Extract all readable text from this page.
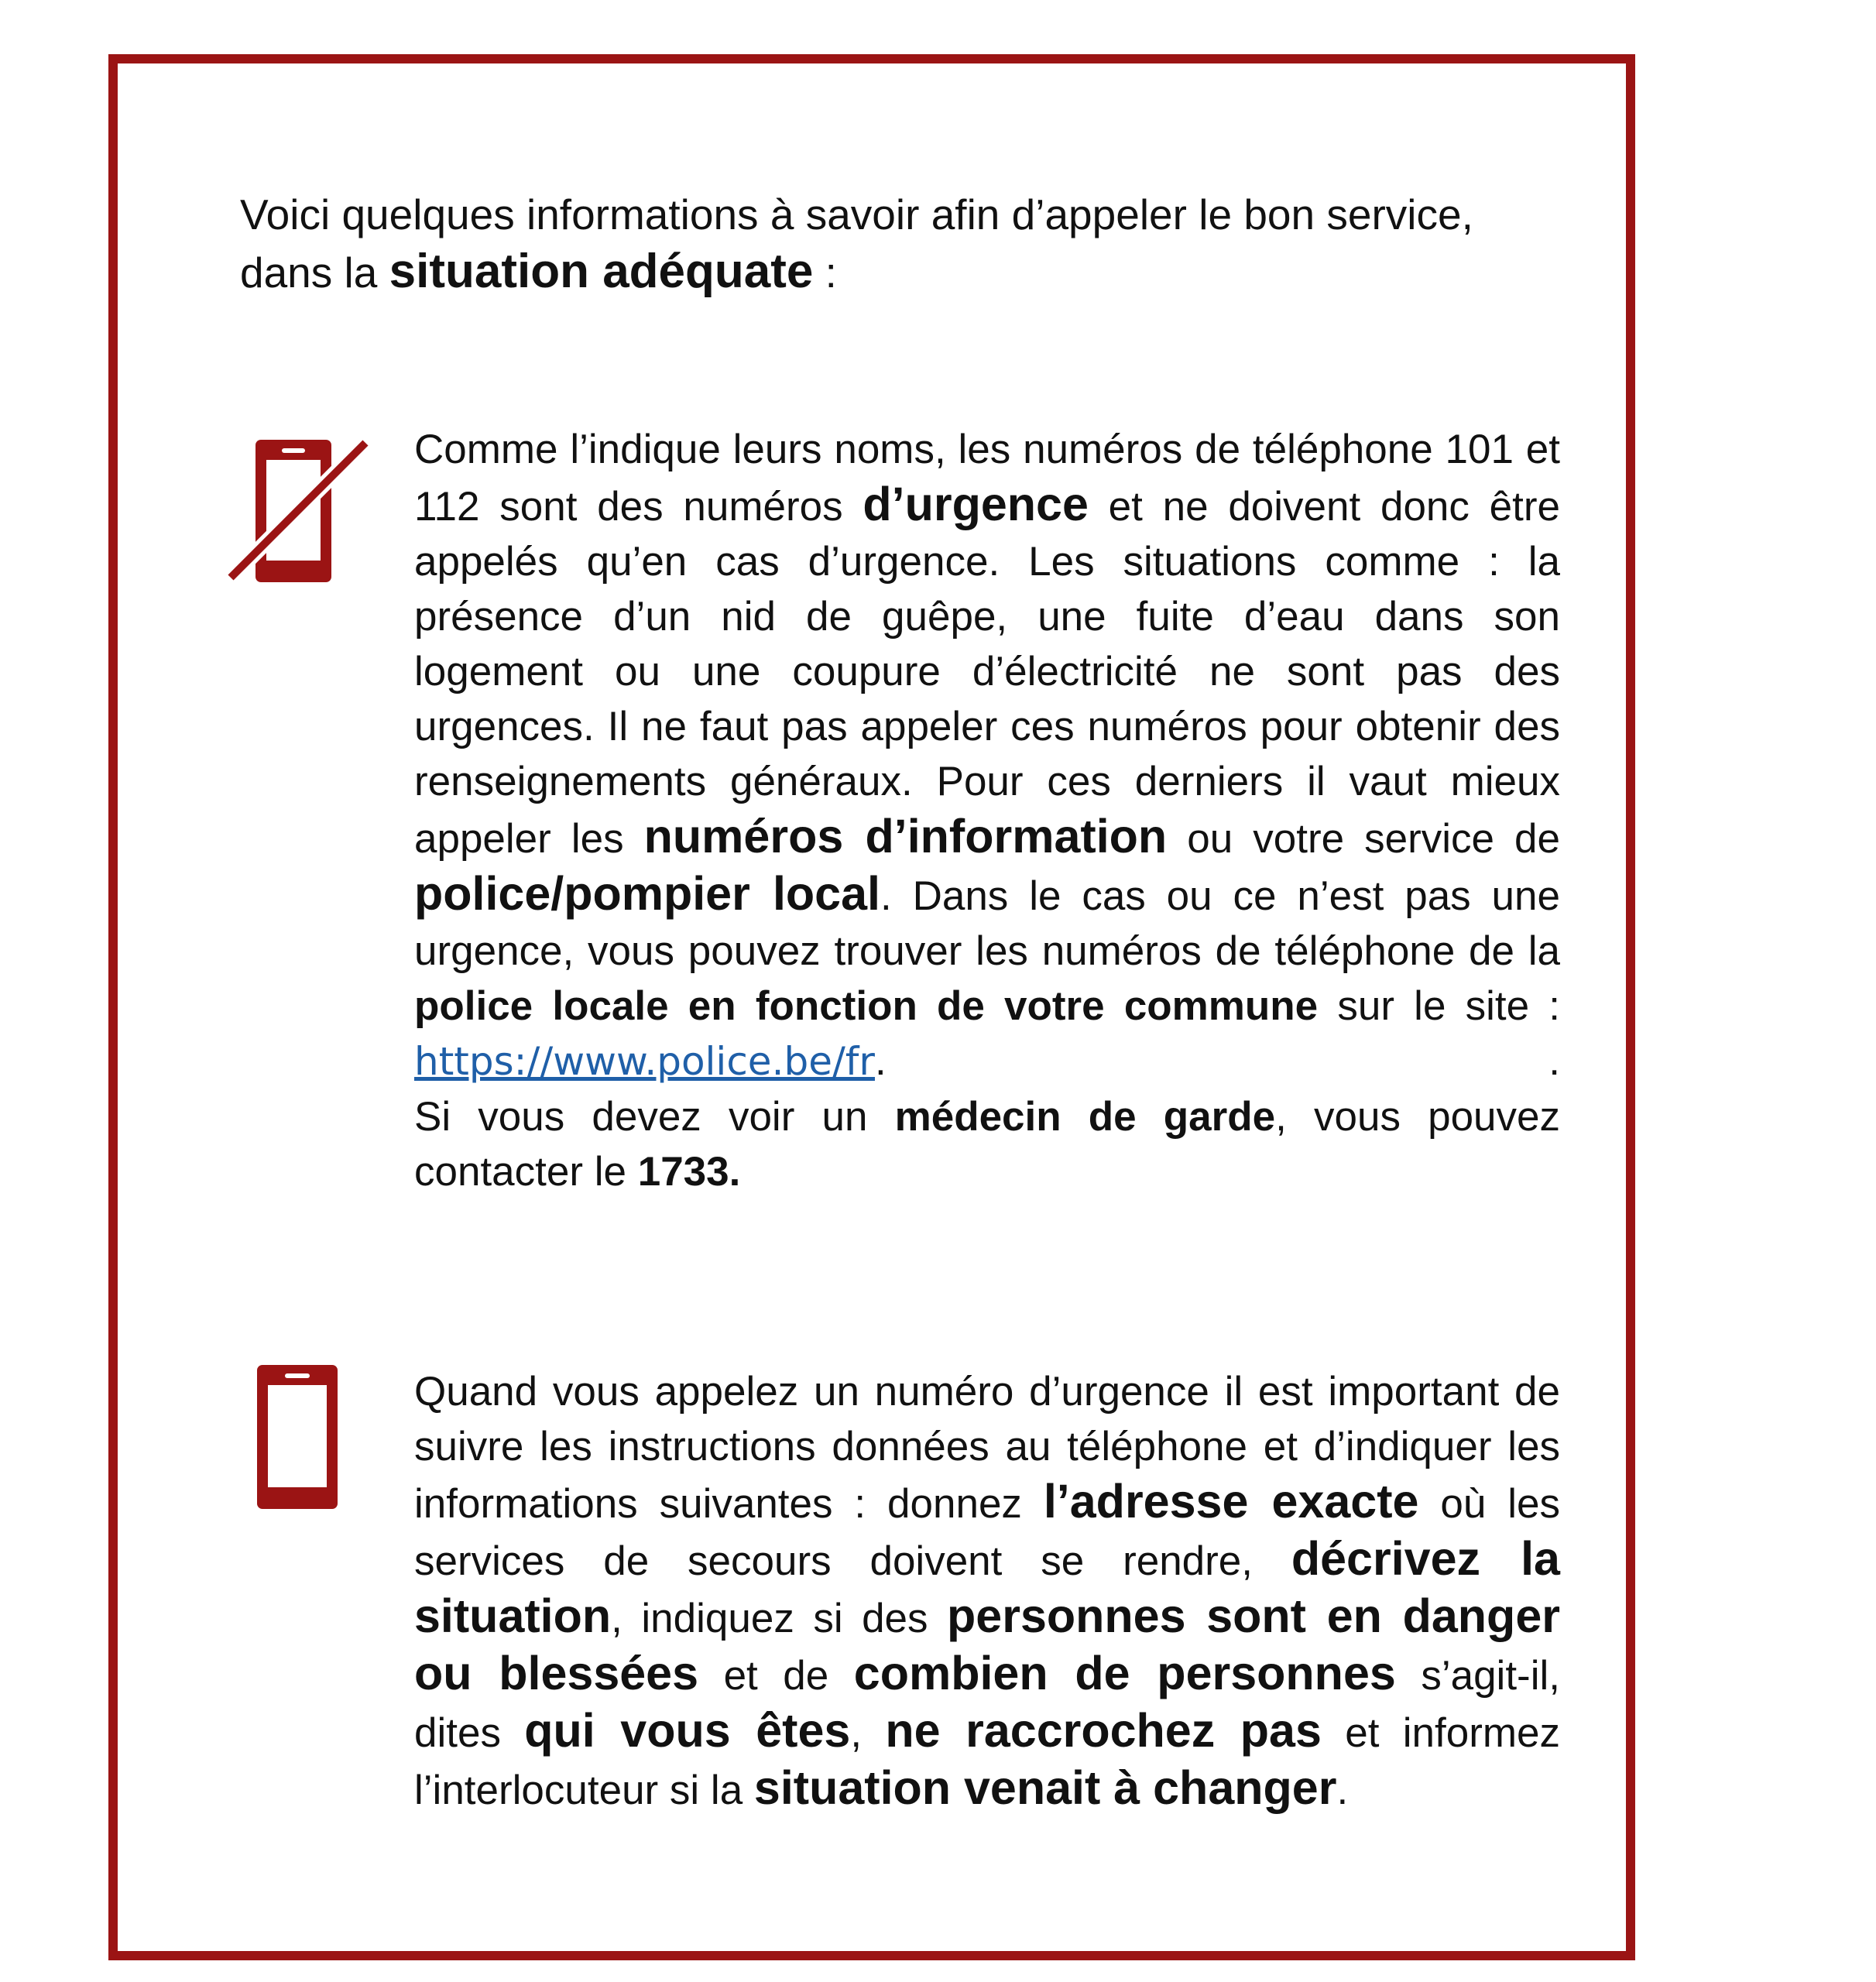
Voici quelques informations à savoir afin d’appeler le bon service, dans la situation adéquate :

Comme l’indique leurs noms, les numéros de téléphone 101 et 112 sont des numéros d’urgence et ne doivent donc être appelés qu’en cas d’urgence. Les situations comme : la présence d’un nid de guêpe, une fuite d’eau dans son logement ou une coupure d’électricité ne sont pas des urgences. Il ne faut pas appeler ces numéros pour obtenir des renseignements généraux. Pour ces derniers il vaut mieux appeler les numéros d’information ou votre service de police/pompier local. Dans le cas ou ce n’est pas une urgence, vous pouvez trouver les numéros de téléphone de la police locale en fonction de votre commune sur le site : https://www.police.be/fr.	.
Si vous devez voir un médecin de garde, vous pouvez contacter le 1733.

Quand vous appelez un numéro d’urgence il est important de suivre les instructions données au téléphone et d’indiquer les informations suivantes : donnez l’adresse exacte où les services de secours doivent se rendre, décrivez la situation, indiquez si des personnes sont en danger ou blessées et de combien de personnes s’agit-il, dites qui vous êtes, ne raccrochez pas et informez l’interlocuteur si la situation venait à changer.
